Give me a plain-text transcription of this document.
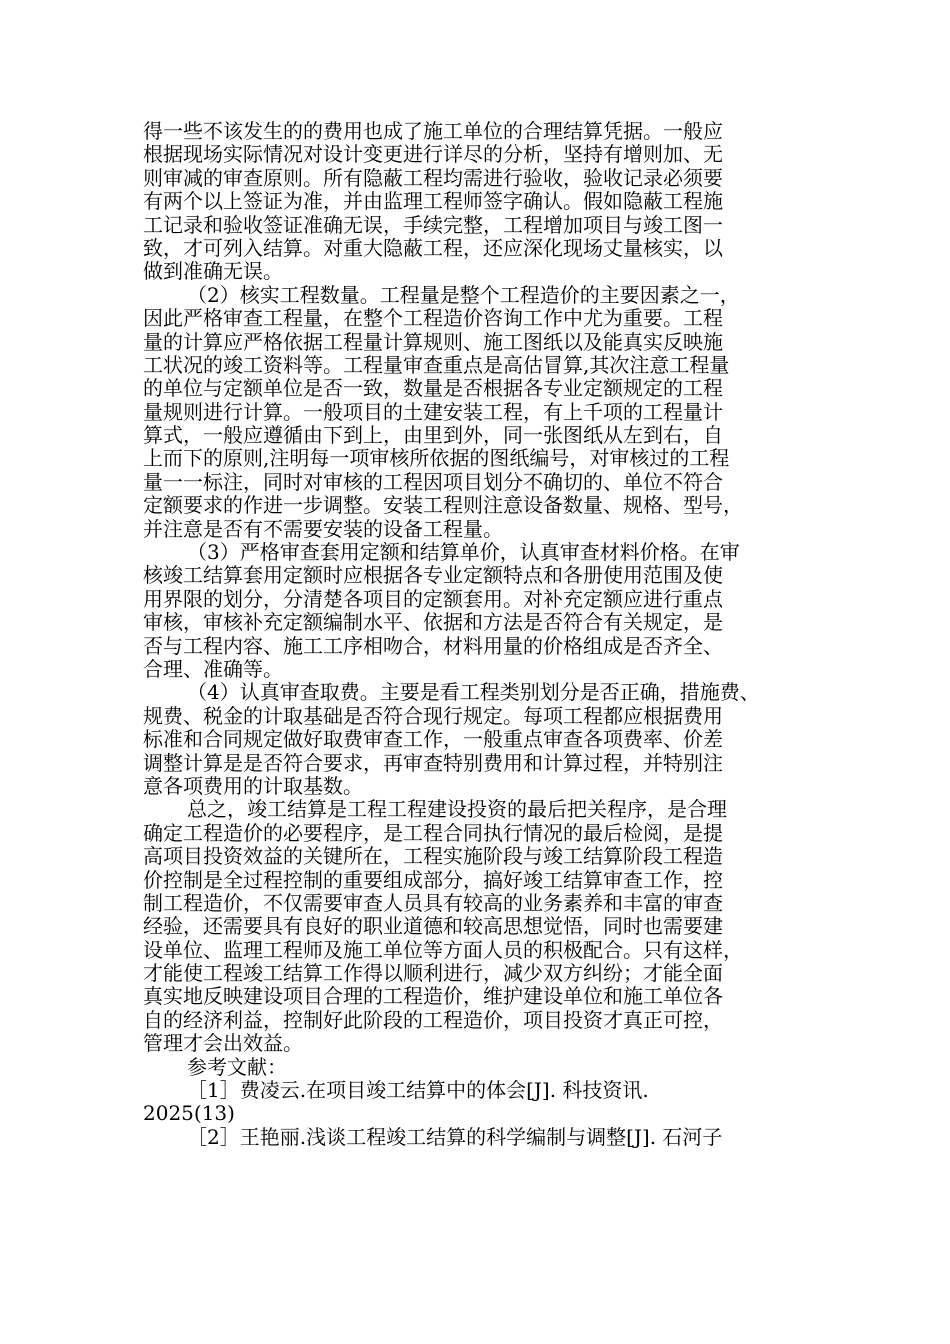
得一些不该发生的的费用也成了施工单位的合理结算凭据。一般应
根据现场实际情况对设计变更进行详尽的分析，坚持有增则加、无
则审减的审查原则。所有隐蔽工程均需进行验收，验收记录必须要
有两个以上签证为准，并由监理工程师签字确认。假如隐蔽工程施
工记录和验收签证准确无误，手续完整，工程增加项目与竣工图一
致，才可列入结算。对重大隐蔽工程，还应深化现场丈量核实，以
做到准确无误。
（2）核实工程数量。工程量是整个工程造价的主要因素之一，
因此严格审查工程量，在整个工程造价咨询工作中尤为重要。工程
量的计算应严格依据工程量计算规则、施工图纸以及能真实反映施
工状况的竣工资料等。工程量审查重点是高估冒算,其次注意工程量
的单位与定额单位是否一致，数量是否根据各专业定额规定的工程
量规则进行计算。一般项目的土建安装工程，有上千项的工程量计
算式，一般应遵循由下到上，由里到外，同一张图纸从左到右，自
上而下的原则,注明每一项审核所依据的图纸编号，对审核过的工程
量一一标注，同时对审核的工程因项目划分不确切的、单位不符合
定额要求的作进一步调整。安装工程则注意设备数量、规格、型号，
并注意是否有不需要安装的设备工程量。
（3）严格审查套用定额和结算单价，认真审查材料价格。在审
核竣工结算套用定额时应根据各专业定额特点和各册使用范围及使
用界限的划分，分清楚各项目的定额套用。对补充定额应进行重点
审核，审核补充定额编制水平、依据和方法是否符合有关规定，是
否与工程内容、施工工序相吻合，材料用量的价格组成是否齐全、
合理、准确等。
（4）认真审查取费。主要是看工程类别划分是否正确，措施费、
规费、税金的计取基础是否符合现行规定。每项工程都应根据费用
标准和合同规定做好取费审查工作，一般重点审查各项费率、价差
调整计算是是否符合要求，再审查特别费用和计算过程，并特别注
意各项费用的计取基数。
总之，竣工结算是工程工程建设投资的最后把关程序，是合理
确定工程造价的必要程序，是工程合同执行情况的最后检阅，是提
高项目投资效益的关键所在，工程实施阶段与竣工结算阶段工程造
价控制是全过程控制的重要组成部分，搞好竣工结算审查工作，控
制工程造价，不仅需要审查人员具有较高的业务素养和丰富的审查
经验，还需要具有良好的职业道德和较高思想觉悟，同时也需要建
设单位、监理工程师及施工单位等方面人员的积极配合。只有这样，
才能使工程竣工结算工作得以顺利进行，减少双方纠纷；才能全面
真实地反映建设项目合理的工程造价，维护建设单位和施工单位各
自的经济利益，控制好此阶段的工程造价，项目投资才真正可控，
管理才会出效益。
参考文献：
［1］费凌云.在项目竣工结算中的体会[J]. 科技资讯.
2025(13)
［2］王艳丽.浅谈工程竣工结算的科学编制与调整[J]. 石河子
